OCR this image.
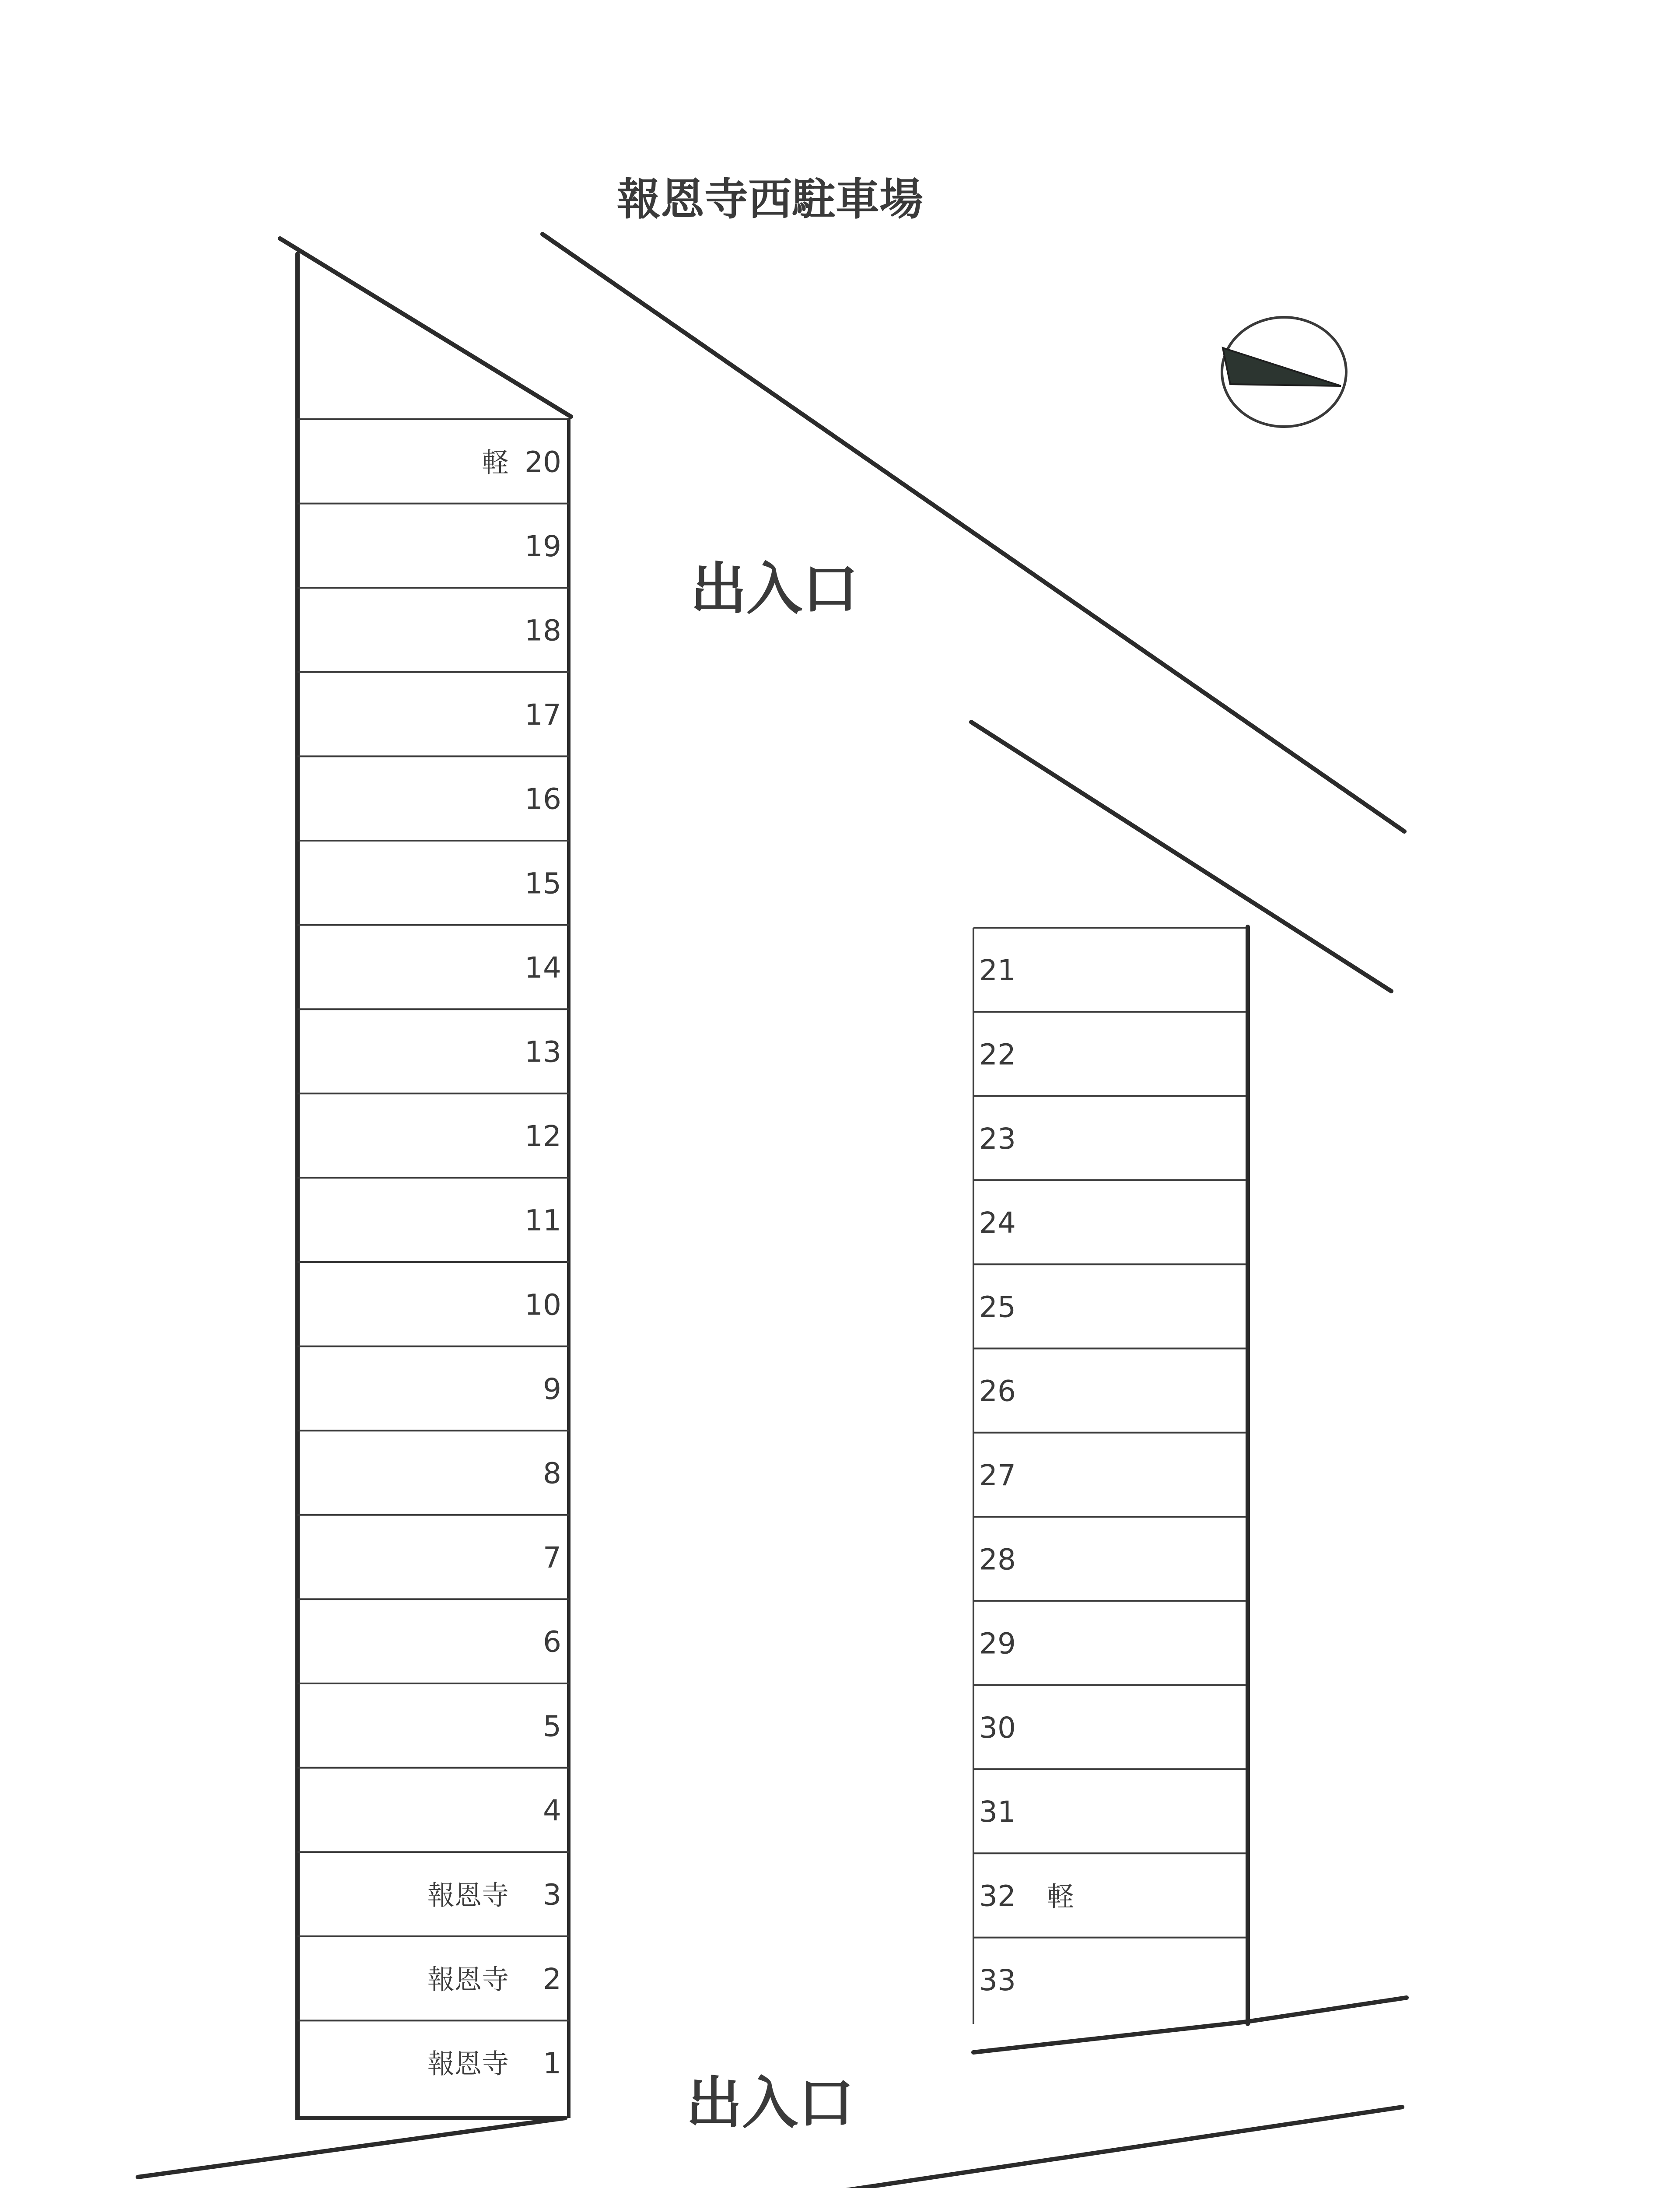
報恩寺西駐車場
20
軽
19
18
17
16
15
14
13
12
11
10
9
8
7
6
5
4
3
報恩寺
2
報恩寺
1
報恩寺
21
22
23
24
25
26
27
28
29
30
31
32 軽
33
出入口
出入口
